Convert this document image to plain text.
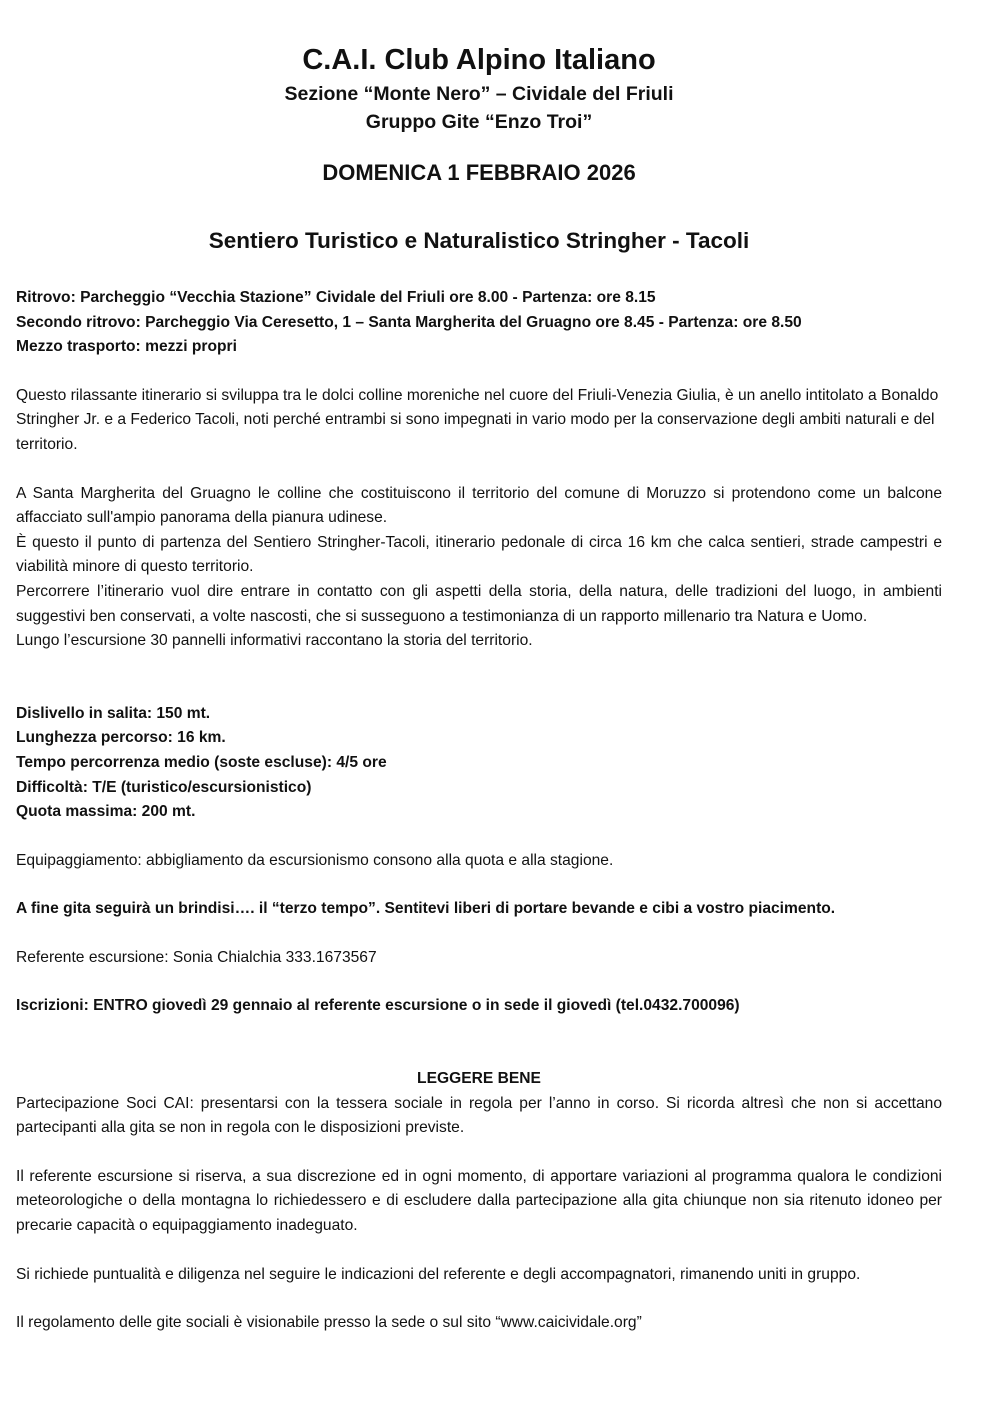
C.A.I. Club Alpino Italiano
Sezione “Monte Nero” – Cividale del Friuli
Gruppo Gite “Enzo Troi”
DOMENICA 1 FEBBRAIO 2026
Sentiero Turistico e Naturalistico Stringher - Tacoli

Ritrovo: Parcheggio “Vecchia Stazione” Cividale del Friuli ore 8.00 - Partenza: ore 8.15

Secondo ritrovo: Parcheggio Via Ceresetto, 1 – Santa Margherita del Gruagno ore 8.45 - Partenza: ore 8.50

Mezzo trasporto: mezzi propri

Questo rilassante itinerario si sviluppa tra le dolci colline moreniche nel cuore del Friuli-Venezia Giulia, è un anello intitolato a Bonaldo Stringher Jr. e a Federico Tacoli, noti perché entrambi si sono impegnati in vario modo per la conservazione degli ambiti naturali e del territorio.

A Santa Margherita del Gruagno le colline che costituiscono il territorio del comune di Moruzzo si protendono come un balcone affacciato sull'ampio panorama della pianura udinese.

È questo il punto di partenza del Sentiero Stringher-Tacoli, itinerario pedonale di circa 16 km che calca sentieri, strade campestri e viabilità minore di questo territorio.

Percorrere l’itinerario vuol dire entrare in contatto con gli aspetti della storia, della natura, delle tradizioni del luogo, in ambienti suggestivi ben conservati, a volte nascosti, che si susseguono a testimonianza di un rapporto millenario tra Natura e Uomo.

Lungo l’escursione 30 pannelli informativi raccontano la storia del territorio.

Dislivello in salita: 150 mt.

Lunghezza percorso: 16 km.

Tempo percorrenza medio (soste escluse): 4/5 ore

Difficoltà: T/E (turistico/escursionistico)

Quota massima: 200 mt.

Equipaggiamento: abbigliamento da escursionismo consono alla quota e alla stagione.

A fine gita seguirà un brindisi…. il “terzo tempo”. Sentitevi liberi di portare bevande e cibi a vostro piacimento.

Referente escursione: Sonia Chialchia 333.1673567

Iscrizioni: ENTRO giovedì 29 gennaio al referente escursione o in sede il giovedì (tel.0432.700096)

LEGGERE BENE

Partecipazione Soci CAI: presentarsi con la tessera sociale in regola per l’anno in corso. Si ricorda altresì che non si accettano partecipanti alla gita se non in regola con le disposizioni previste.

Il referente escursione si riserva, a sua discrezione ed in ogni momento, di apportare variazioni al programma qualora le condizioni meteorologiche o della montagna lo richiedessero e di escludere dalla partecipazione alla gita chiunque non sia ritenuto idoneo per precarie capacità o equipaggiamento inadeguato.

Si richiede puntualità e diligenza nel seguire le indicazioni del referente e degli accompagnatori, rimanendo uniti in gruppo.

Il regolamento delle gite sociali è visionabile presso la sede o sul sito “www.caicividale.org”
